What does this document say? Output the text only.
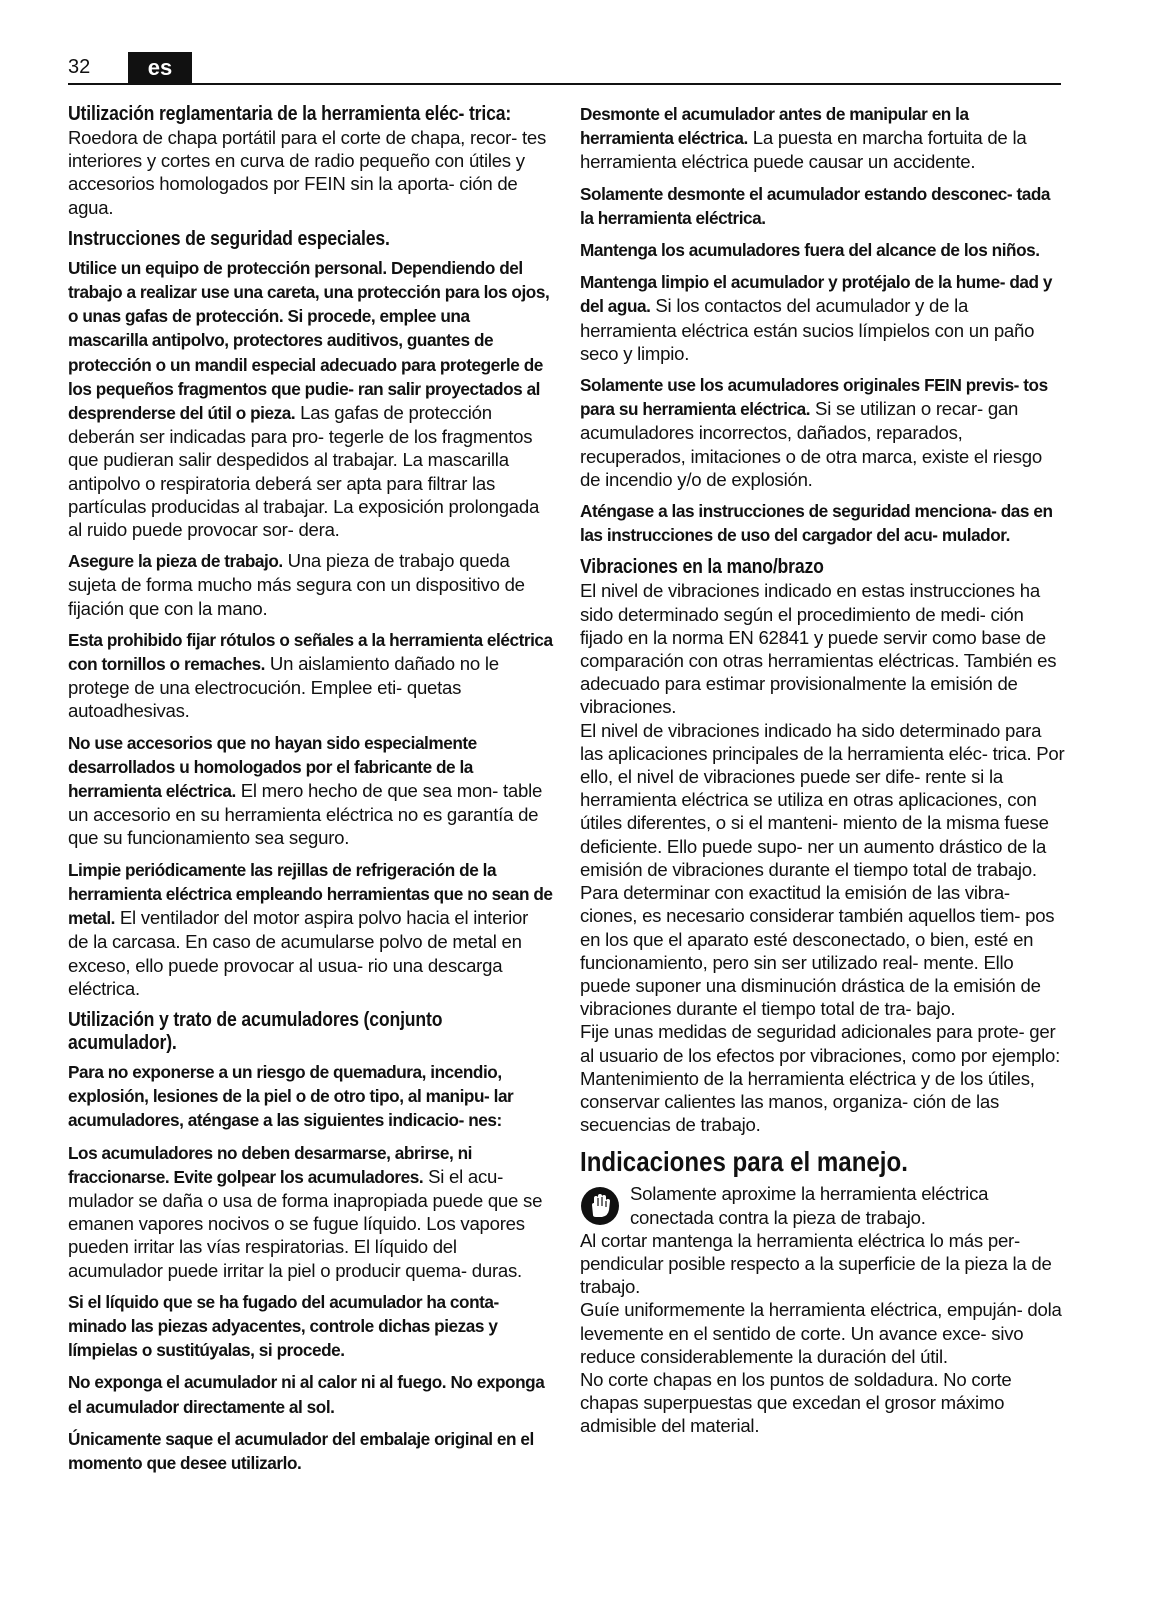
32	es
Utilización reglamentaria de la herramienta eléc- trica:

Roedora de chapa portátil para el corte de chapa, recor- tes interiores y cortes en curva de radio pequeño con útiles y accesorios homologados por FEIN sin la aporta- ción de agua.

Instrucciones de seguridad especiales.

Utilice un equipo de protección personal. Dependiendo del trabajo a realizar use una careta, una protección para los ojos, o unas gafas de protección. Si procede, emplee una mascarilla antipolvo, protectores auditivos, guantes de protección o un mandil especial adecuado para protegerle de los pequeños fragmentos que pudie- ran salir proyectados al desprenderse del útil o pieza. Las gafas de protección deberán ser indicadas para pro- tegerle de los fragmentos que pudieran salir despedidos al trabajar. La mascarilla antipolvo o respiratoria deberá ser apta para filtrar las partículas producidas al trabajar. La exposición prolongada al ruido puede provocar sor- dera.

Asegure la pieza de trabajo. Una pieza de trabajo queda sujeta de forma mucho más segura con un dispositivo de fijación que con la mano.

Esta prohibido fijar rótulos o señales a la herramienta eléctrica con tornillos o remaches. Un aislamiento dañado no le protege de una electrocución. Emplee eti- quetas autoadhesivas.

No use accesorios que no hayan sido especialmente desarrollados u homologados por el fabricante de la herramienta eléctrica. El mero hecho de que sea mon- table un accesorio en su herramienta eléctrica no es garantía de que su funcionamiento sea seguro.

Limpie periódicamente las rejillas de refrigeración de la herramienta eléctrica empleando herramientas que no sean de metal. El ventilador del motor aspira polvo hacia el interior de la carcasa. En caso de acumularse polvo de metal en exceso, ello puede provocar al usua- rio una descarga eléctrica.

Utilización y trato de acumuladores (conjunto acumulador).

Para no exponerse a un riesgo de quemadura, incendio, explosión, lesiones de la piel o de otro tipo, al manipu- lar acumuladores, aténgase a las siguientes indicacio- nes:

Los acumuladores no deben desarmarse, abrirse, ni fraccionarse. Evite golpear los acumuladores. Si el acu- mulador se daña o usa de forma inapropiada puede que se emanen vapores nocivos o se fugue líquido. Los vapores pueden irritar las vías respiratorias. El líquido del acumulador puede irritar la piel o producir quema- duras.

Si el líquido que se ha fugado del acumulador ha conta- minado las piezas adyacentes, controle dichas piezas y límpielas o sustitúyalas, si procede.

No exponga el acumulador ni al calor ni al fuego. No exponga el acumulador directamente al sol.

Únicamente saque el acumulador del embalaje original en el momento que desee utilizarlo.

Desmonte el acumulador antes de manipular en la herramienta eléctrica. La puesta en marcha fortuita de la herramienta eléctrica puede causar un accidente.

Solamente desmonte el acumulador estando desconec- tada la herramienta eléctrica.

Mantenga los acumuladores fuera del alcance de los niños.

Mantenga limpio el acumulador y protéjalo de la hume- dad y del agua. Si los contactos del acumulador y de la herramienta eléctrica están sucios límpielos con un paño seco y limpio.

Solamente use los acumuladores originales FEIN previs- tos para su herramienta eléctrica. Si se utilizan o recar- gan acumuladores incorrectos, dañados, reparados, recuperados, imitaciones o de otra marca, existe el riesgo de incendio y/o de explosión.

Aténgase a las instrucciones de seguridad menciona- das en las instrucciones de uso del cargador del acu- mulador.

Vibraciones en la mano/brazo

El nivel de vibraciones indicado en estas instrucciones ha sido determinado según el procedimiento de medi- ción fijado en la norma EN 62841 y puede servir como base de comparación con otras herramientas eléctricas. También es adecuado para estimar provisionalmente la emisión de vibraciones.

El nivel de vibraciones indicado ha sido determinado para las aplicaciones principales de la herramienta eléc- trica. Por ello, el nivel de vibraciones puede ser dife- rente si la herramienta eléctrica se utiliza en otras aplicaciones, con útiles diferentes, o si el manteni- miento de la misma fuese deficiente. Ello puede supo- ner un aumento drástico de la emisión de vibraciones durante el tiempo total de trabajo.

Para determinar con exactitud la emisión de las vibra- ciones, es necesario considerar también aquellos tiem- pos en los que el aparato esté desconectado, o bien, esté en funcionamiento, pero sin ser utilizado real- mente. Ello puede suponer una disminución drástica de la emisión de vibraciones durante el tiempo total de tra- bajo.

Fije unas medidas de seguridad adicionales para prote- ger al usuario de los efectos por vibraciones, como por ejemplo: Mantenimiento de la herramienta eléctrica y de los útiles, conservar calientes las manos, organiza- ción de las secuencias de trabajo.

Indicaciones para el manejo.

Solamente aproxime la herramienta eléctrica conectada contra la pieza de trabajo.

Al cortar mantenga la herramienta eléctrica lo más per- pendicular posible respecto a la superficie de la pieza la de trabajo.

Guíe uniformemente la herramienta eléctrica, empuján- dola levemente en el sentido de corte. Un avance exce- sivo reduce considerablemente la duración del útil.

No corte chapas en los puntos de soldadura. No corte chapas superpuestas que excedan el grosor máximo admisible del material.
